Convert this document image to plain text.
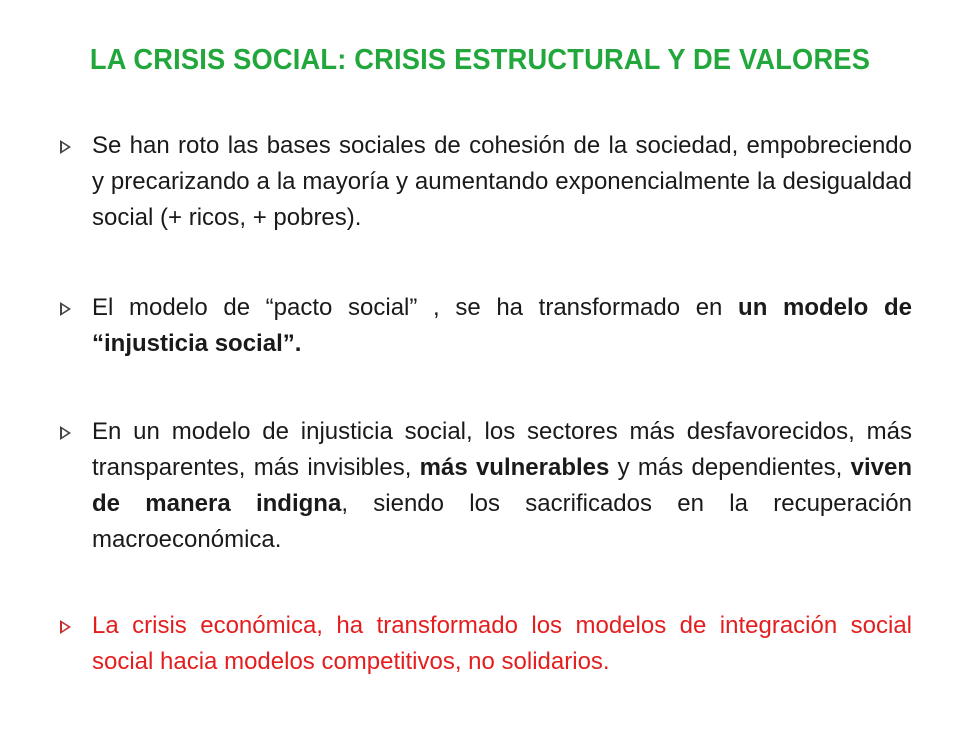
LA CRISIS SOCIAL: CRISIS ESTRUCTURAL Y DE VALORES
Se han roto las bases sociales de cohesión de la sociedad, empobreciendo y precarizando a la mayoría y aumentando exponencialmente la desigualdad social (+ ricos, + pobres).
El modelo de “pacto social” , se ha transformado en un modelo de “injusticia social”.
En un modelo de injusticia social, los sectores más desfavorecidos, más transparentes, más invisibles, más vulnerables y más dependientes, viven de manera indigna, siendo los sacrificados en la recuperación macroeconómica.
La crisis económica, ha transformado los modelos de integración social social hacia modelos competitivos, no solidarios.
